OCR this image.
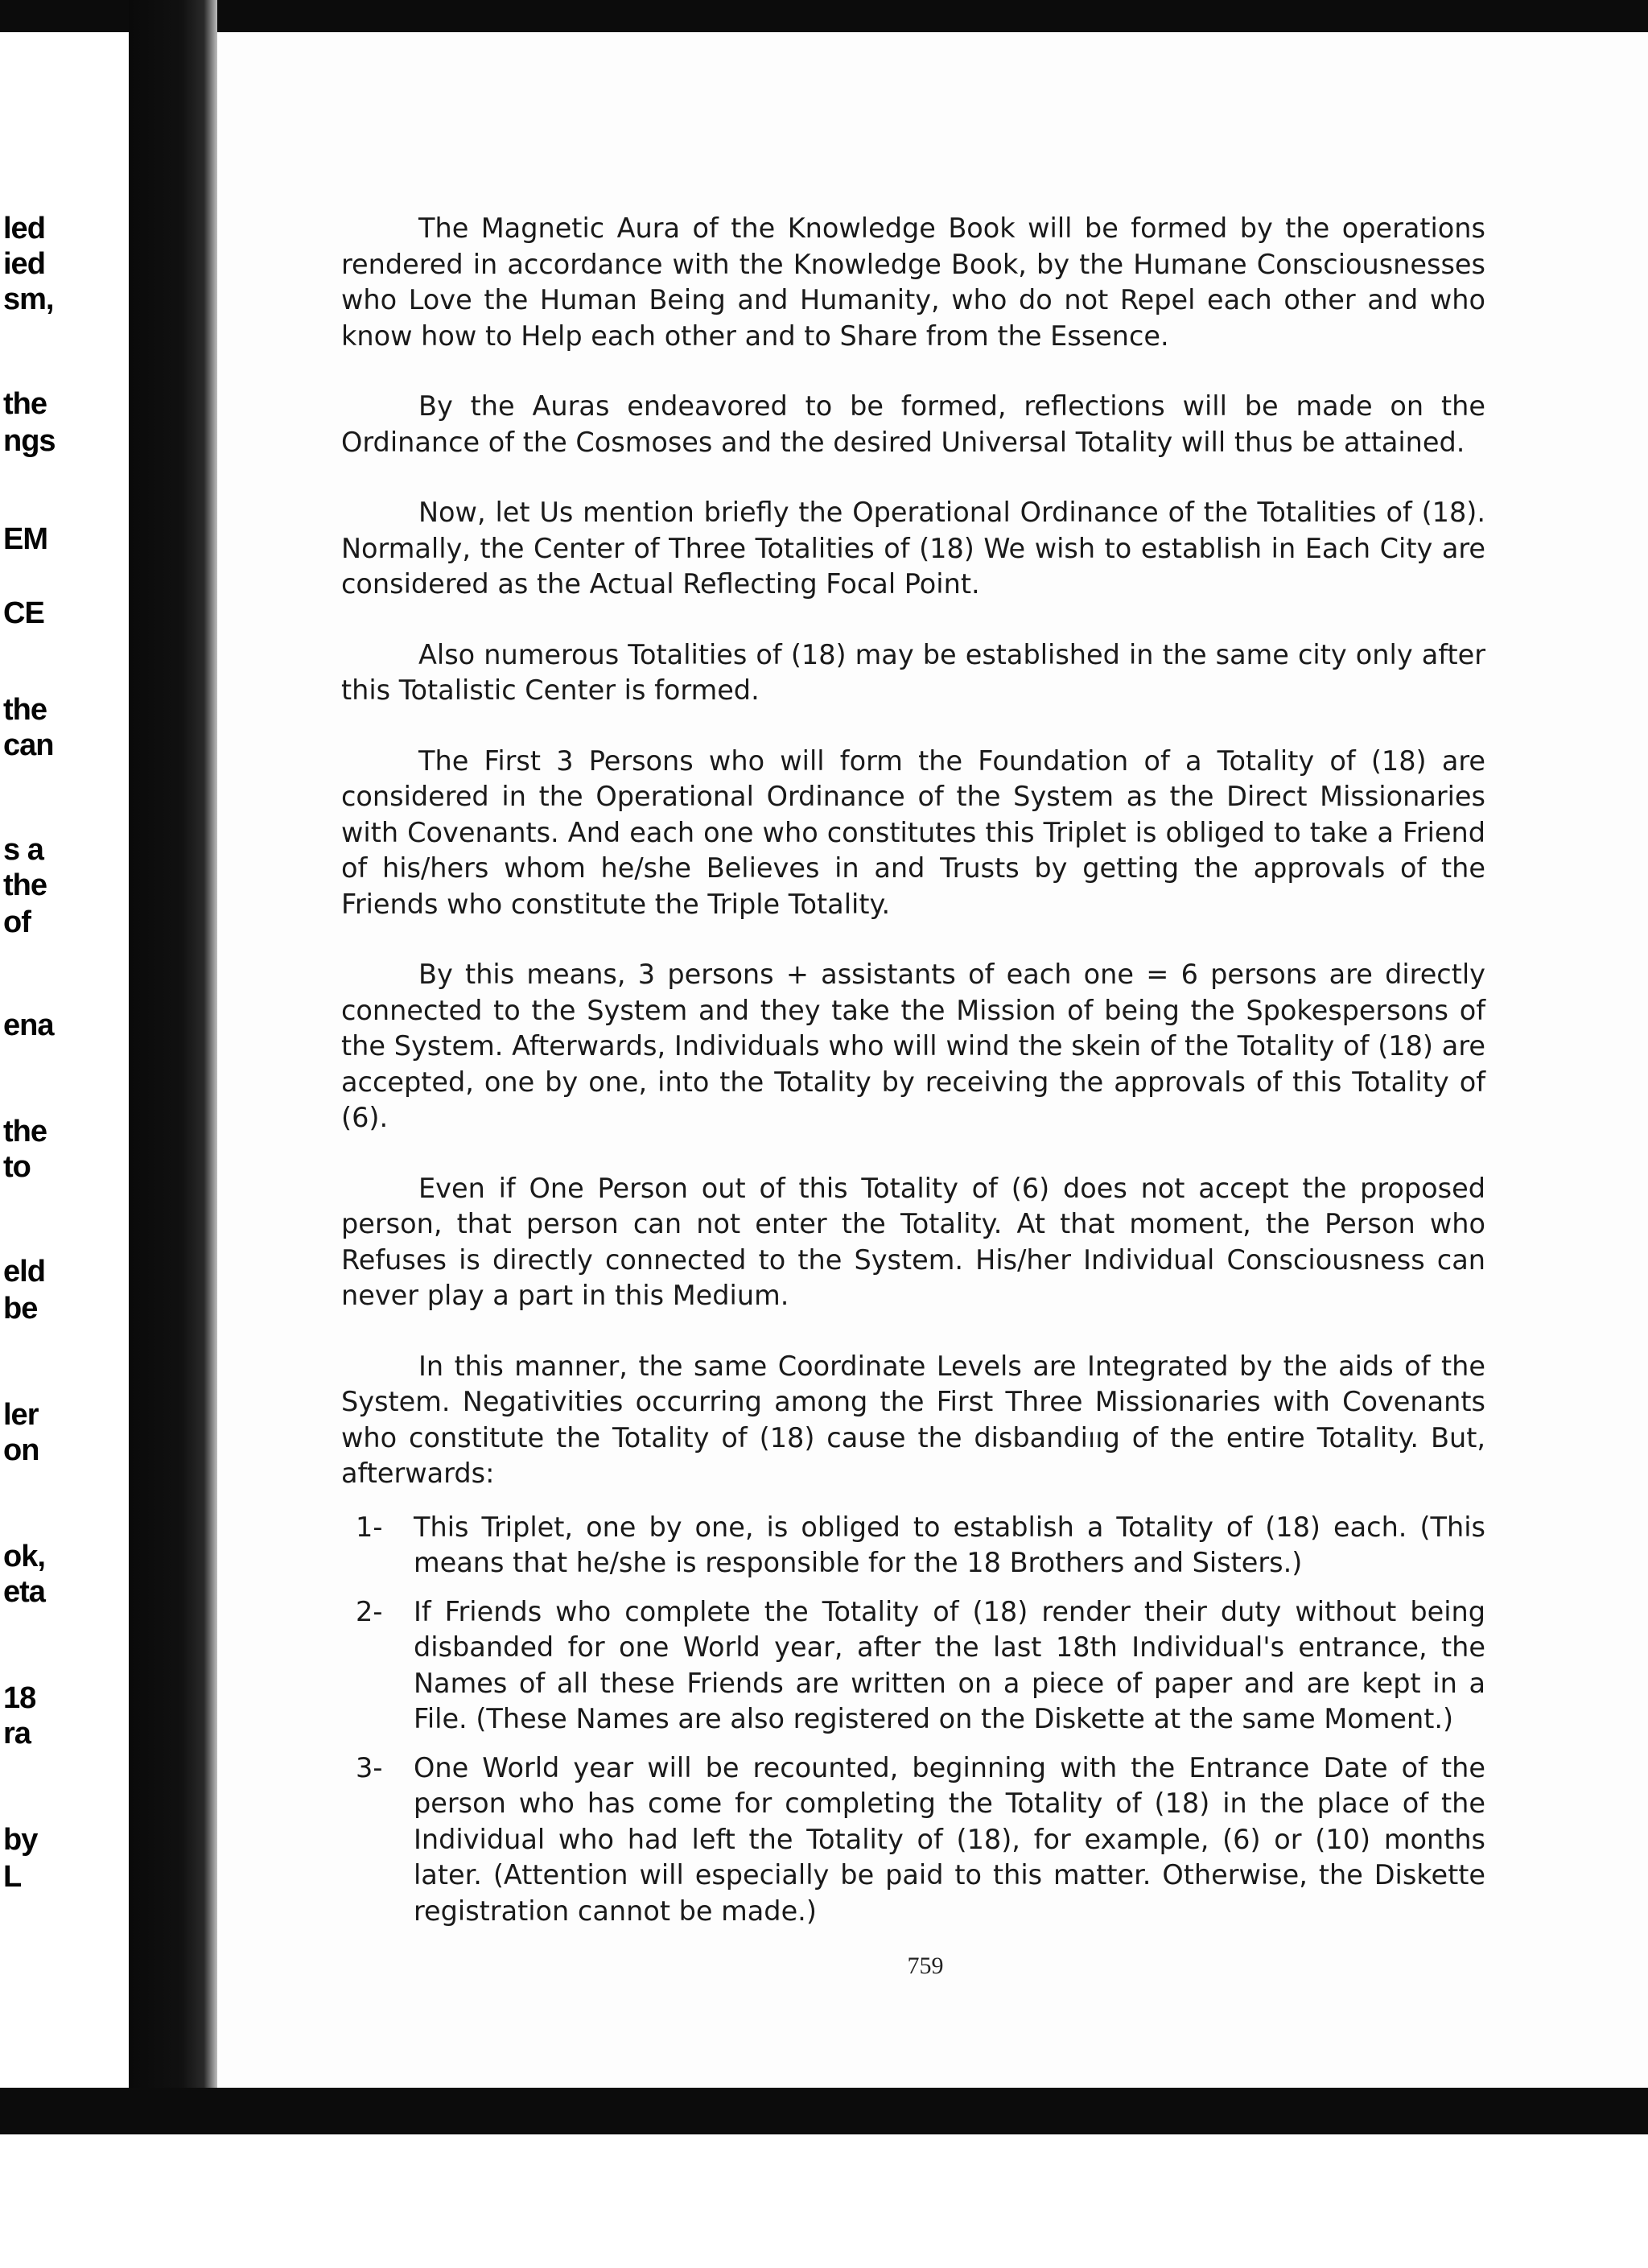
led
ied
sm,
the
ngs
EM
CE
the
can
s a
the
of
ena
the
to
eld
be
ler
on
ok,
eta
18
ra
by
L

The Magnetic Aura of the Knowledge Book will be formed by the operations rendered in accordance with the Knowledge Book, by the Humane Consciousnesses who Love the Human Being and Humanity, who do not Repel each other and who know how to Help each other and to Share from the Essence.

By the Auras endeavored to be formed, reflections will be made on the Ordinance of the Cosmoses and the desired Universal Totality will thus be attained.

Now, let Us mention briefly the Operational Ordinance of the Totalities of (18). Normally, the Center of Three Totalities of (18) We wish to establish in Each City are considered as the Actual Reflecting Focal Point.

Also numerous Totalities of (18) may be established in the same city only after this Totalistic Center is formed.

The First 3 Persons who will form the Foundation of a Totality of (18) are considered in the Operational Ordinance of the System as the Direct Missionaries with Covenants. And each one who constitutes this Triplet is obliged to take a Friend of his/hers whom he/she Believes in and Trusts by getting the approvals of the Friends who constitute the Triple Totality.

By this means, 3 persons + assistants of each one = 6 persons are directly connected to the System and they take the Mission of being the Spokespersons of the System. Afterwards, Individuals who will wind the skein of the Totality of (18) are accepted, one by one, into the Totality by receiving the approvals of this Totality of (6).

Even if One Person out of this Totality of (6) does not accept the proposed person, that person can not enter the Totality. At that moment, the Person who Refuses is directly connected to the System. His/her Individual Consciousness can never play a part in this Medium.

In this manner, the same Coordinate Levels are Integrated by the aids of the System. Negativities occurring among the First Three Missionaries with Covenants who constitute the Totality of (18) cause the disbandiııg of the entire Totality. But, afterwards:

1- This Triplet, one by one, is obliged to establish a Totality of (18) each. (This means that he/she is responsible for the 18 Brothers and Sisters.)
2- If Friends who complete the Totality of (18) render their duty without being disbanded for one World year, after the last 18th Individual's entrance, the Names of all these Friends are written on a piece of paper and are kept in a File. (These Names are also registered on the Diskette at the same Moment.)
3- One World year will be recounted, beginning with the Entrance Date of the person who has come for completing the Totality of (18) in the place of the Individual who had left the Totality of (18), for example, (6) or (10) months later. (Attention will especially be paid to this matter. Otherwise, the Diskette registration cannot be made.)
759
